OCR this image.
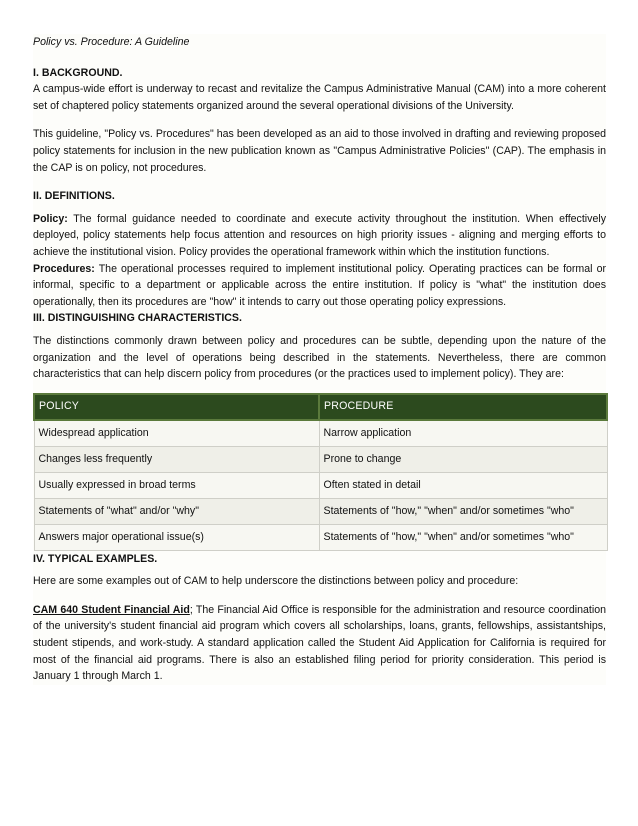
Policy vs. Procedure: A Guideline
I. BACKGROUND.

A campus-wide effort is underway to recast and revitalize the Campus Administrative Manual (CAM) into a more coherent set of chaptered policy statements organized around the several operational divisions of the University.

This guideline, "Policy vs. Procedures" has been developed as an aid to those involved in drafting and reviewing proposed policy statements for inclusion in the new publication known as "Campus Administrative Policies" (CAP). The emphasis in the CAP is on policy, not procedures.

II. DEFINITIONS.

Policy: The formal guidance needed to coordinate and execute activity throughout the institution. When effectively deployed, policy statements help focus attention and resources on high priority issues - aligning and merging efforts to achieve the institutional vision. Policy provides the operational framework within which the institution functions.

Procedures: The operational processes required to implement institutional policy. Operating practices can be formal or informal, specific to a department or applicable across the entire institution. If policy is "what" the institution does operationally, then its procedures are "how" it intends to carry out those operating policy expressions.

III. DISTINGUISHING CHARACTERISTICS.

The distinctions commonly drawn between policy and procedures can be subtle, depending upon the nature of the organization and the level of operations being described in the statements. Nevertheless, there are common characteristics that can help discern policy from procedures (or the practices used to implement policy). They are:

POLICY	PROCEDURE
Widespread application	Narrow application
Changes less frequently	Prone to change
Usually expressed in broad terms	Often stated in detail
Statements of "what" and/or "why"	Statements of "how," "when" and/or sometimes "who"
Answers major operational issue(s)	Statements of "how," "when" and/or sometimes "who"
IV. TYPICAL EXAMPLES.

Here are some examples out of CAM to help underscore the distinctions between policy and procedure:

CAM 640 Student Financial Aid; The Financial Aid Office is responsible for the administration and resource coordination of the university's student financial aid program which covers all scholarships, loans, grants, fellowships, assistantships, student stipends, and work-study. A standard application called the Student Aid Application for California is required for most of the financial aid programs. There is also an established filing period for priority consideration. This period is January 1 through March 1.
